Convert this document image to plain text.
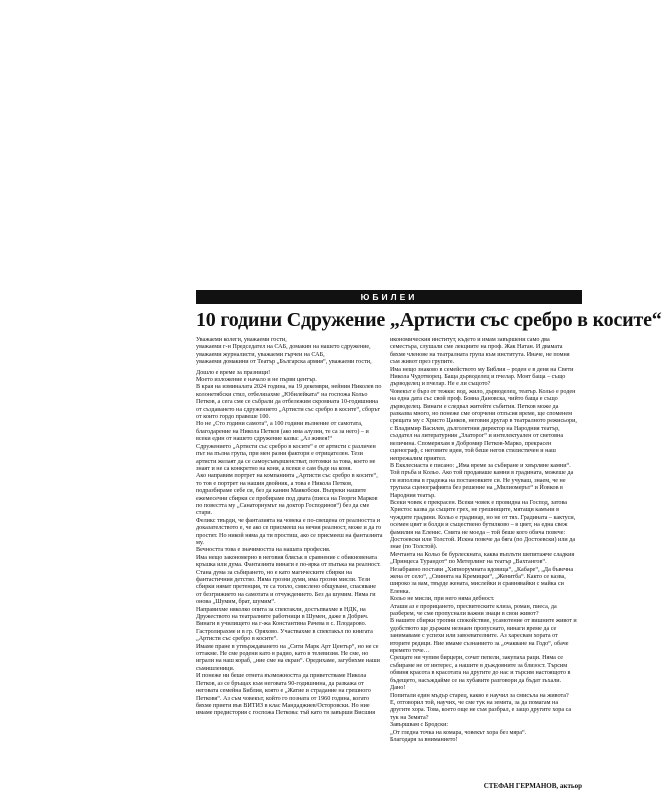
ЮБИЛЕИ
10 години Сдружение „Артисти със сребро в косите“

Уважаеми колеги, уважаеми гости,

уважаеми г-н Председател на САБ, домакин на нашето сдружение,

уважаеми журналисти, уважаеми гърчеи на САБ,

уважаеми домакини от Театър „Българска армия“, уважаеми гости,

Дошло е време за празници!

Моето изложение е начало и не първи център.

В края на изминалата 2024 година, на 19 декември, нейния Николев по колонетябски стил, отбелязахме „Юбилейката“ на госпожа Кольо Петков, а сега сме се събрали да отбележим скромната 10-годишнина от създаването на сдружението „Артисти със сребро в косите“, сборът от които гордо правеше 100.

Но не „Сто години самота“, а 100 години вълнение от самотата, благодарение на Никола Петков (ако има алузии, те са за него) – и всеки един от нашето сдружение казва: „Аз живея!“

Сдружението „Артисти със сребро в косите“ е от артисти с различен път на пълна група, при мен разни фактори е отрицателен. Тези артисти желаят да се самоусъвършенстват, потомки за това, което не знаят и не са конкретно на коня, а всеки е сам бъде на коня.

Ако направим портрет на компанията „Артисти със сребро в косите“, то тов е портрет на нашия двойник, а това е Никола Петков, подразбираме себе си, без да каним Маякобски. Въпреки нашите ежемесечни сбирки се пробираме под двата (пиеса на Георги Марков по повестта му „Санаторнумът на доктор Господинов“) без да сме стари.

Феликс твърди, че фантазията на човека е по-свещена от реалността и доказателството е, че ако се присмееш на нечия реалност, може и да го простят. Но никой няма да ти простиш, ако се присмееш на фантазията му.

Вечността това е значимостта на нашата професия.

Има нещо закономерно в неговия блясък в сравнение с обикновената кръшка или дума. Фантазията винаги е по-ярка от пъпъка на реалност.

Стана дума за събирането, но е като магическите сбирки на фантастичния детство. Няма грозни думи, има грозни мисли. Тези сбирки нямат претенция, те са топло, смислено общуване, спасяване от безгрижието на самотата и отчуждението. Без да шумим. Няма ги онова „Шумим, брат, шумим“.

Направихме няколко опита за спектакли, достъпвахме в НДК, на Дружеството на театралните работници в Шумен, даже в Добрич. Винаги в училището на г-жа Константина Рачева в с. Плодарово. Гастролирахме и в гр. Оряхово. Участвахме в спектакъл по книгата „Артисти със сребро в косите“.

Имаме пране в утвърждаването на „Сити Марк Арт Център“, но не се оттакме. Не сме родени като в радио, като в телевизия. Не сме, но играли на наш кораб, „ние сме на екран“. Оредихаме, загубихме наши съмишленици.

И понеже ни беше отнета възможността да приветстваме Никола Петков, аз се бръщах към неговата 90-годишнина, да разкажа от неговата семейна Библия, която е „Жатие и страдание на грешного Петковя“. Аз съм човекът, който го позната от 1960 година, когато бяхме приети във ВИТИЗ в клас Мандаджиев/Осторовски. Но ние имаме предистория с госпожа Петкова: тъй като тя завърши Висшия

икономическия институт, където и имам завършени само два семестъра, слушали сме лекциите на проф. Жак Натан. И двамата бяхме членове на театралната група към института. Иначе, не помня съм живот през групите.

Има нещо знаково в семейството му Библия – роден е в деня на Свети Никола Чудотворец. Баща дърводелец и пчелар. Моят баща – също дърводелец и пчелар. Не е ли същото?

Човекът е бърз от тежки: вод, жило, дърводелец, театър. Кольо е роден на една дата със свой проф. Бояна Дановска, чийто баща е също дърводелец. Винаги е следвал житейте събития. Петков може да разказва много, но понеже сме огорчени отлъсия време, ще споменем срещата му с Христо Цанков, неговия другар в театралното режисьори, с Владимир Василев, дълголетния директор на Народния театър, създател на литературния „Златорог“ и интелектуален от световна величина. Спомеряхам в Добромир Петков-Марко, прекрасен сценограф, с неговите идеи, той беше негов стилистичен и наш непрежалим приятел.

В Екклесиаста е писано: „Има време за събиране и хвърляне камни“.

Той пръба и Кольо. Ако той продаваше камни в градината, можеше да ги използва в градежа на постановките си. Не учуваш, знаем, че не трупаха сценографията без решение на „Милиомерът“ и Йовков в Народния театър.

Всеки човек е прекрасен. Всеки човек е провидна на Господ, затова Христос казва да същите грех, не грешниците, мятащи камъни в чуждите градини. Кольо е градинар, но не от тях. Градината – кактуси, осемен цвят и болди и съществено бутилково – в цвет, на една свеж фамилия на Еленис. Смята не моеда – той беше кого обича повече: Достоевски или Толстой. Искна повече да бяга (по Достоевски) или да знае (по Толстой).

Мечтанта на Кольо бе бурлескната, каква въплъти шепитажче сладкия „Принцеса Турандот“ по Метерлинг на театър „Вахтангов“.

Незабравно постави „Хипнорумната вдовица“, „Кабаре“, „Да бъвечна жена от село“, „Свинята на Кремицки“, „Женитба“. Както се казва, широко за вам, твърде жената, мислейки и сравнявайки с майка си Еленка.

Кольо не мисли, при него няма дебност.

Аташи аз е прорицането, пресвитеските клиза, роман, пиеса, да разберем, че сме пропуснали важни знаци в свои живот?

В нашите сбирки тропни спокойствие, усамотение от вишните живот и удобството ще държим незнаен пропуснато, винаги време да се занимаваме с успехи или завоевателните. Аз харесвам хората от вторите редици. Ние имаме съзнанието за „очакване на Годо“, обаче времето тече…

Срещате ни чупим бирцери, сочат пепели, закупаха раци. Няма се събираме не от интерес, а нашите в дъждовните за близост. Търсим обвиня красота в красотата на другите до нас и търсим настоящото в бъдещето, насъждайме се на хубавите разговори да бъдат зъхали. Дано!

Попитали един мъдър старец, какво е научил за смисъла на живота?

Е, отговорил той, научих, че сме тук на земята, за да помагам на другите хора. Това, което още не съм разбрал, е защо другите хора са тук на Земята?

Завършвам с Бродски:

„От гледна точка на комара, човекът хора без мяра“.

Благодаря за вниманието!

СТЕФАН ГЕРМАНОВ, актьор
